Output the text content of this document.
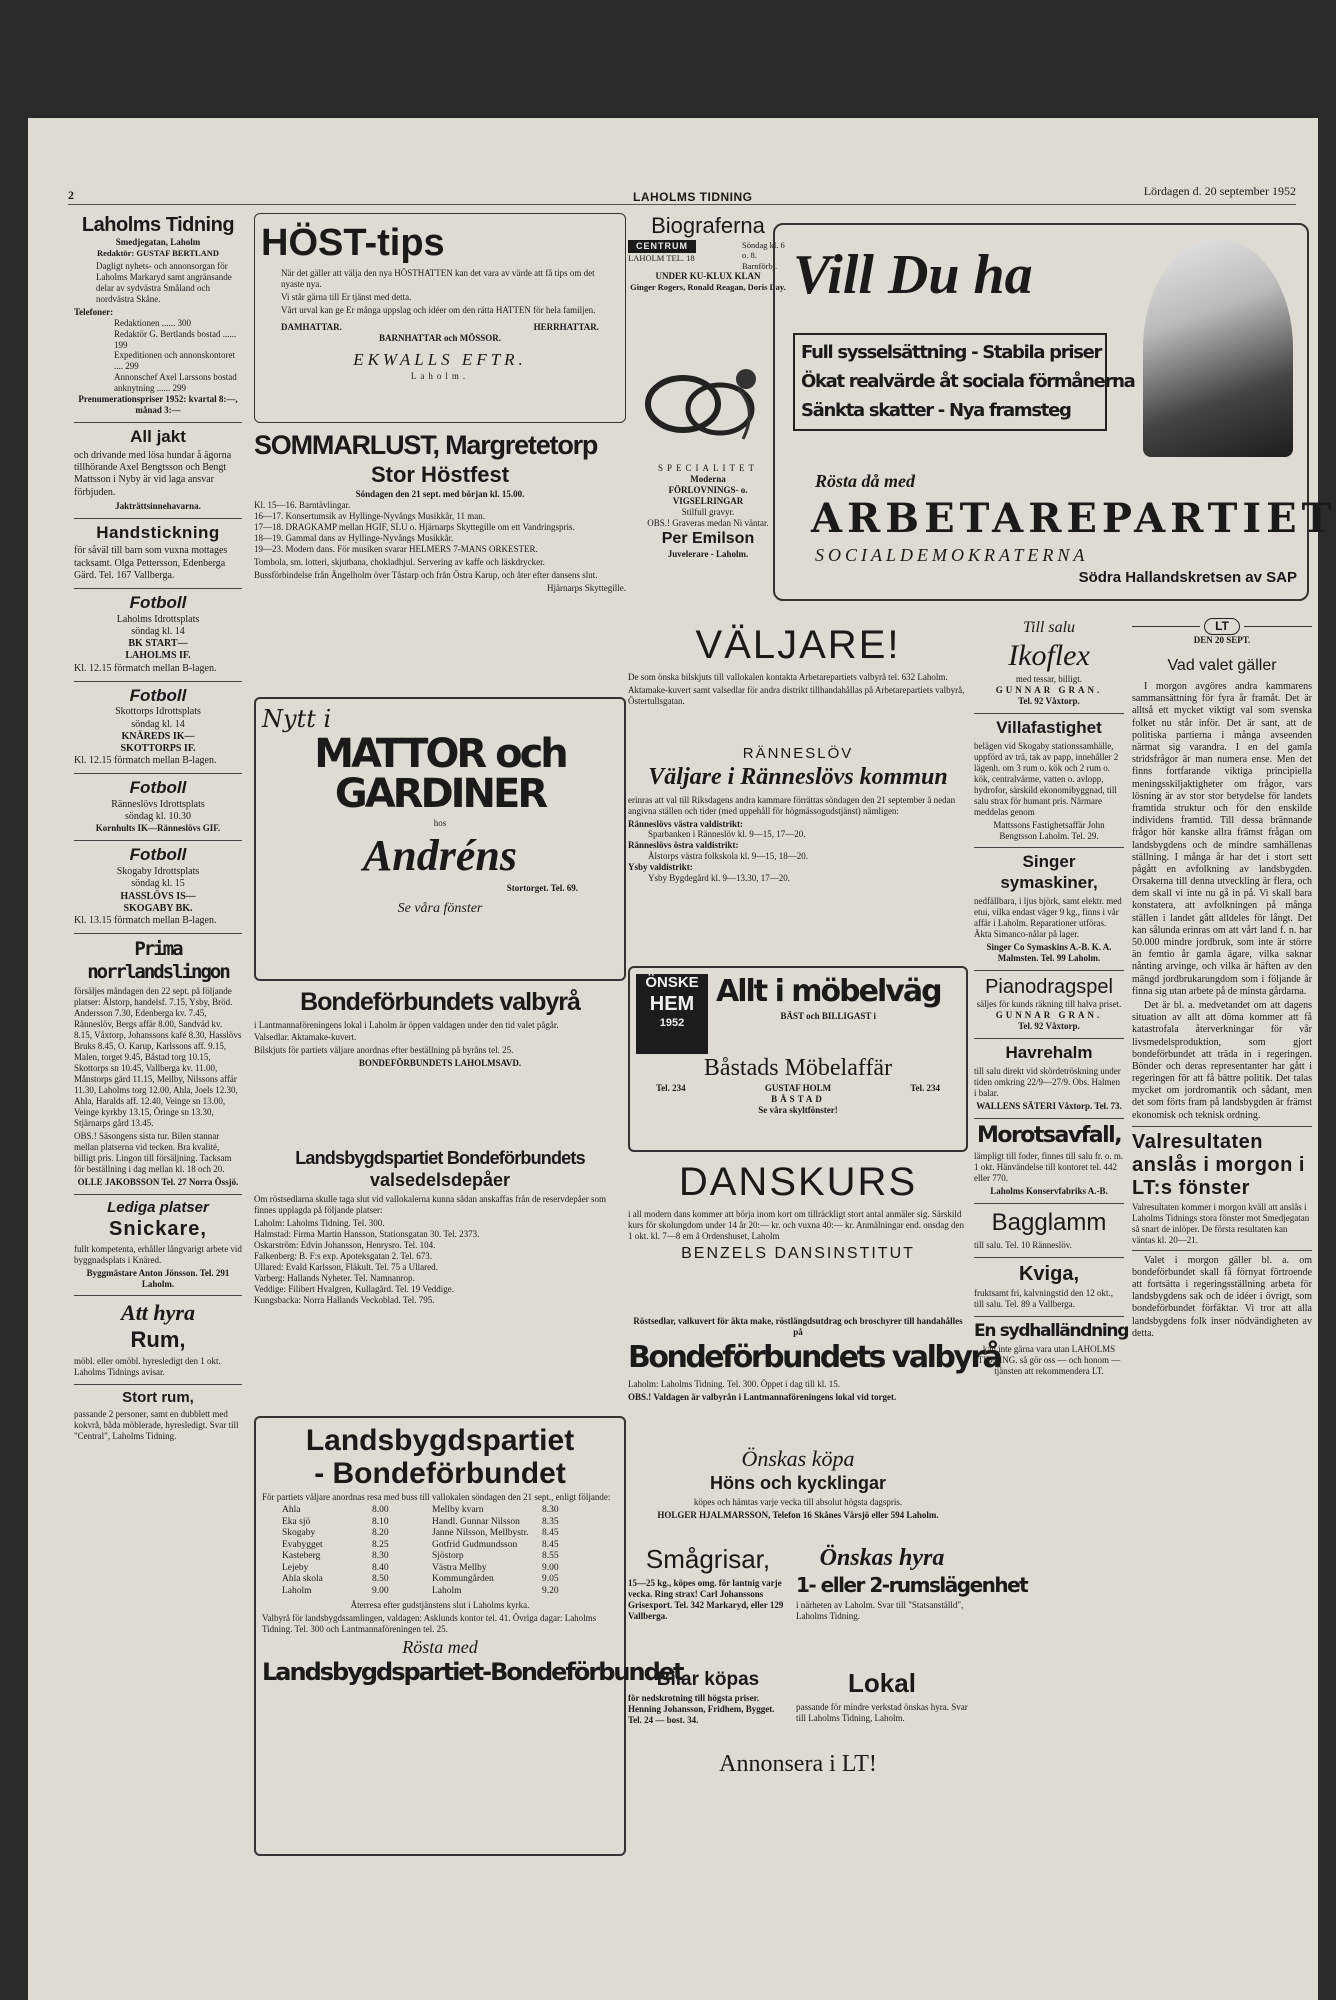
2	LAHOLMS TIDNING	Lördagen d. 20 september 1952
Laholms Tidning
Smedjegatan, Laholm
Redaktör: GUSTAF BERTLAND

Dagligt nyhets- och annonsorgan för Laholms Markaryd samt angränsande delar av sydvästra Småland och nordvästra Skåne.

Telefoner:
Redaktionen ...... 300
Redaktör G. Bertlands bostad ...... 199
Expeditionen och annonskontoret .... 299
Annonschef Axel Larssons bostad anknytning ...... 299
Prenumerationspriser 1952: kvartal 8:—, månad 3:—
All jakt

och drivande med lösa hundar å ägorna tillhörande Axel Bengtsson och Bengt Mattsson i Nyby är vid laga ansvar förbjuden.

Jakträttsinnehavarna.
Handstickning

för såväl till barn som vuxna mottages tacksamt. Olga Pettersson, Edenberga Gärd. Tel. 167 Vallberga.

Fotboll
Laholms Idrottsplats
söndag kl. 14
BK START—
LAHOLMS IF.
Kl. 12.15 förmatch mellan B-lagen.
Fotboll
Skottorps Idrottsplats
söndag kl. 14
KNÄREDS IK—
SKOTTORPS IF.
Kl. 12.15 förmatch mellan B-lagen.
Fotboll
Ränneslövs Idrottsplats
söndag kl. 10.30
Kornhults IK—Ränneslövs GIF.
Fotboll
Skogaby Idrottsplats
söndag kl. 15
HASSLÖVS IS—
SKOGABY BK.
Kl. 13.15 förmatch mellan B-lagen.
Prima norrlandslingon

försäljes måndagen den 22 sept. på följande platser: Ålstorp, handelsf. 7.15, Ysby, Bröd. Andersson 7.30, Edenberga kv. 7.45, Ränneslöv, Bergs affär 8.00, Sandväd kv. 8.15, Våxtorp, Johanssons kafé 8.30, Hasslövs Bruks 8.45, O. Karup, Karlssons aff. 9.15, Malen, torget 9.45, Båstad torg 10.15, Skottorps sn 10.45, Vallberga kv. 11.00, Månstorps gärd 11.15, Mellby, Nilssons affär 11.30, Laholms torg 12.00, Ahla, Joels 12.30, Ahla, Haralds aff. 12.40, Veinge sn 13.00, Veinge kyrkby 13.15, Öringe sn 13.30, Stjärnarps gård 13.45.

OBS.! Säsongens sista tur. Bilen stannar mellan platserna vid tecken. Bra kvalité, billigt pris. Lingon till försäljning. Tacksam för beställning i dag mellan kl. 18 och 20.

OLLE JAKOBSSON Tel. 27 Norra Össjö.
Lediga platser
Snickare,

fullt kompetenta, erhåller långvarigt arbete vid byggnadsplats i Knäred.

Byggmästare Anton Jönsson. Tel. 291 Laholm.
Att hyra
Rum,

möbl. eller omöbl. hyresledigt den 1 okt. Laholms Tidnings avisar.

Stort rum,

passande 2 personer, samt en dubblett med kokvrå, båda möblerade, hyresledigt. Svar till "Central", Laholms Tidning.

HÖST-tips

När det gäller att välja den nya HÖSTHATTEN kan det vara av värde att få tips om det nyaste nya.

Vi står gärna till Er tjänst med detta.

Vårt urval kan ge Er många uppslag och idéer om den rätta HATTEN för hela familjen.

DAMHATTAR.	HERRHATTAR.
BARNHATTAR och MÖSSOR.
EKWALLS EFTR.
Laholm.
SOMMARLUST, Margretetorp
Stor Höstfest
Söndagen den 21 sept. med början kl. 15.00.
Kl. 15—16. Barntävlingar.
16—17. Konsertumsik av Hyllinge-Nyvångs Musikkår, 11 man.
17—18. DRAGKAMP mellan HGIF, SLU o. Hjärnarps Skyttegille om ett Vandringspris.
18—19. Gammal dans av Hyllinge-Nyvångs Musikkår.
19—23. Modern dans. För musiken svarar HELMERS 7-MANS ORKESTER.

Tombola, sm. lotteri, skjutbana, chokladhjul. Servering av kaffe och läskdrycker.

Bussförbindelse från Ängelholm över Tåstarp och från Östra Karup, och åter efter dansens slut.

Hjärnarps Skyttegille.
Nytt i
MATTOR och
GARDINER
hos
Andréns
Stortorget. Tel. 69.
Se våra fönster
Bondeförbundets valbyrå

i Lantmannaföreningens lokal i Laholm är öppen valdagen under den tid valet pågår.

Valsedlar. Aktamake-kuvert.

Bilskjuts för partiets väljare anordnas efter beställning på byråns tel. 25.

BONDEFÖRBUNDETS LAHOLMSAVD.
Landsbygdspartiet Bondeförbundets
valsedelsdepåer

Om röstsedlarna skulle taga slut vid vallokalerna kunna sådan anskaffas från de reservdepåer som finnes upplagda på följande platser:

Laholm: Laholms Tidning. Tel. 300.
Halmstad: Firma Martin Hansson, Stationsgatan 30. Tel. 2373.
Oskarström: Edvin Johansson, Henrysro. Tel. 104.
Falkenberg: B. F:s exp. Apoteksgatan 2. Tel. 673.
Ullared: Evald Karlsson, Fläkult. Tel. 75 a Ullared.
Varberg: Hallands Nyheter. Tel. Namnanrop.
Veddige: Filibert Hvalgren, Kullagård. Tel. 19 Veddige.
Kungsbacka: Norra Hallands Veckoblad. Tel. 795.
Landsbygdspartiet
- Bondeförbundet

För partiets väljare anordnas resa med buss till vallokalen söndagen den 21 sept., enligt följande:

Ahla	8.00	Mellby kvarn	8.30
Eka sjö	8.10	Handl. Gunnar Nilsson	8.35
Skogaby	8.20	Janne Nilsson, Mellbystr.	8.45
Evabygget	8.25	Gotfrid Gudmundsson	8.45
Kasteberg	8.30	Sjöstorp	8.55
Lejeby	8.40	Västra Mellby	9.00
Ahla skola	8.50	Kommungården	9.05
Laholm	9.00	Laholm	9.20

Återresa efter gudstjänstens slut i Laholms kyrka.

Valbyrå för landsbygdssamlingen, valdagen: Asklunds kontor tel. 41. Övriga dagar: Laholms Tidning. Tel. 300 och Lantmannaföreningen tel. 25.

Rösta med
Landsbygdspartiet-Bondeförbundet
Biograferna
CENTRUM
LAHOLM TEL. 18
Söndag kl. 6 o. 8. Barnförbj.
UNDER KU-KLUX KLAN
Ginger Rogers, Ronald Reagan, Doris Day.
SPECIALITET
Moderna
FÖRLOVNINGS- o.
VIGSELRINGAR
Stilfull gravyr.
OBS.! Graveras medan Ni väntar.
Per Emilson
Juvelerare - Laholm.
VÄLJARE!

De som önska bilskjuts till vallokalen kontakta Arbetarepartiets valbyrå tel. 632 Laholm.

Aktamake-kuvert samt valsedlar för andra distrikt tillhandahållas på Arbetarepartiets valbyrå, Östertullsgatan.

RÄNNESLÖV
Väljare i Ränneslövs kommun

erinras att val till Riksdagens andra kammare förrättas söndagen den 21 september å nedan angivna ställen och tider (med uppehåll för högmässogudstjänst) nämligen:

Ränneslövs västra valdistrikt:
Sparbanken i Ränneslöv kl. 9—15, 17—20.
Ränneslövs östra valdistrikt:
Ålstorps västra folkskola kl. 9—15, 18—20.
Ysby valdistrikt:
Ysby Bygdegård kl. 9—13.30, 17—20.
ÖNSKE
HEM
1952
Allt i möbelväg
BÄST och BILLIGAST i
Båstads Möbelaffär
Tel. 234	GUSTAF HOLM	Tel. 234
BÅSTAD
Se våra skyltfönster!
DANSKURS

i all modern dans kommer att börja inom kort om tillräckligt stort antal anmäler sig. Särskild kurs för skolungdom under 14 år 20:— kr. och vuxna 40:— kr. Anmälningar end. onsdag den 1 okt. kl. 7—8 em å Ordenshuset, Laholm

BENZELS DANSINSTITUT

Röstsedlar, valkuvert för äkta make, röstlängdsutdrag och broschyrer till handahålles på

Bondeförbundets valbyrå

Laholm: Laholms Tidning. Tel. 300. Öppet i dag till kl. 15.

OBS.! Valdagen är valbyrån i Lantmannaföreningens lokal vid torget.

Önskas köpa
Höns och kycklingar

köpes och hämtas varje vecka till absolut högsta dagspris.

HOLGER HJALMARSSON, Telefon 16 Skånes Värsjö eller 594 Laholm.

Smågrisar,

15—25 kg., köpes omg. för lantnig varje vecka. Ring strax! Carl Johanssons Grisexport. Tel. 342 Markaryd, eller 129 Vallberga.

Bilar köpas

för nedskrotning till högsta priser. Henning Johansson, Fridhem, Bygget. Tel. 24 — bost. 34.

Önskas hyra
1- eller 2-rumslägenhet

i närheten av Laholm. Svar till "Statsanställd", Laholms Tidning.

Lokal

passande för mindre verkstad önskas hyra. Svar till Laholms Tidning, Laholm.

Annonsera i LT!
Vill Du ha
Full sysselsättning - Stabila priser
Ökat realvärde åt sociala förmånerna
Sänkta skatter - Nya framsteg
Rösta då med
ARBETAREPARTIET
SOCIALDEMOKRATERNA
Södra Hallandskretsen av SAP
Till salu
Ikoflex
med tessar, billigt.
GUNNAR GRAN.
Tel. 92 Våxtorp.
Villafastighet

belägen vid Skogaby stationssamhälle, uppförd av trä, tak av papp, innehåller 2 lägenh. om 3 rum o. kök och 2 rum o. kök, centralvärme, vatten o. avlopp, hydrofor, särskild ekonomibyggnad, till salu strax för humant pris. Närmare meddelas genom

Mattssons Fastighetsaffär John Bengtsson Laholm. Tel. 29.
Singer symaskiner,

nedfällbara, i ljus björk, samt elektr. med etui, vilka endast väger 9 kg., finns i vår affär i Laholm. Reparationer utföras. Äkta Simanco-nålar på lager.

Singer Co Symaskins A.-B. K. A. Malmsten. Tel. 99 Laholm.
Pianodragspel
säljes för kunds räkning till halva priset.
GUNNAR GRAN.
Tel. 92 Våxtorp.
Havrehalm

till salu direkt vid skördetröskning under tiden omkring 22/9—27/9. Obs. Halmen i balar.

WALLENS SÄTERI Våxtorp. Tel. 73.
Morotsavfall,

lämpligt till foder, finnes till salu fr. o. m. 1 okt. Hänvändelse till kontoret tel. 442 eller 770.

Laholms Konservfabriks A.-B.
Bagglamm

till salu. Tel. 10 Ränneslöv.

Kviga,

fruktsamt fri, kalvningstid den 12 okt., till salu. Tel. 89 a Vallberga.

En sydhalländning

kan inte gärna vara utan LAHOLMS TIDNING. så gör oss — och honom — tjänsten att rekommendera LT.

LT
DEN 20 SEPT.
Vad valet gäller

I morgon avgöres andra kammarens sammansättning för fyra år framåt. Det är alltså ett mycket viktigt val som svenska folket nu står inför. Det är sant, att de politiska partierna i många avseenden närmat sig varandra. I en del gamla stridsfrågor är man numera ense. Men det finns fortfarande viktiga principiella meningsskiljaktigheter om frågor, vars lösning är av stor stor betydelse för landets framtida struktur och för den enskilde individens framtid. Till dessa brännande frågor hör kanske allra främst frågan om landsbygdens och de mindre samhällenas ställning. I många år har det i stort sett pågått en avfolkning av landsbygden. Orsakerna till denna utveckling är flera, och dem skall vi inte nu gå in på. Vi skall bara konstatera, att avfolkningen på många ställen i landet gått alldeles för långt. Det kan sålunda erinras om att vårt land f. n. har 50.000 mindre jordbruk, som inte är större än femtio år gamla ägare, vilka saknar nånting arvinge, och vilka är häften av den mängd jordbrukarungdom som i följande år finna sig utan arbete på de minsta gårdarna.

Det är bl. a. medvetandet om att dagens situation av allt att döma kommer att få katastrofala återverkningar för vår livsmedelsproduktion, som gjort bondeförbundet att träda in i regeringen. Bönder och deras representanter har gått i regeringen för att få bättre politik. Det talas mycket om jordromantik och sådant, men det som förts fram på landsbygden är främst ekonomisk och teknisk ordning.

Valresultaten anslås i morgon i LT:s fönster

Valresultaten kommer i morgon kväll att anslås i Laholms Tidnings stora fönster mot Smedjegatan så snart de inlöper. De första resultaten kan väntas kl. 20—21.

Valet i morgon gäller bl. a. om bondeförbundet skall få förnyat förtroende att fortsätta i regeringsställning arbeta för landsbygdens sak och de idéer i övrigt, som bondeförbundet förfäktar. Vi tror att alla landsbygdens folk inser nödvändigheten av detta.
